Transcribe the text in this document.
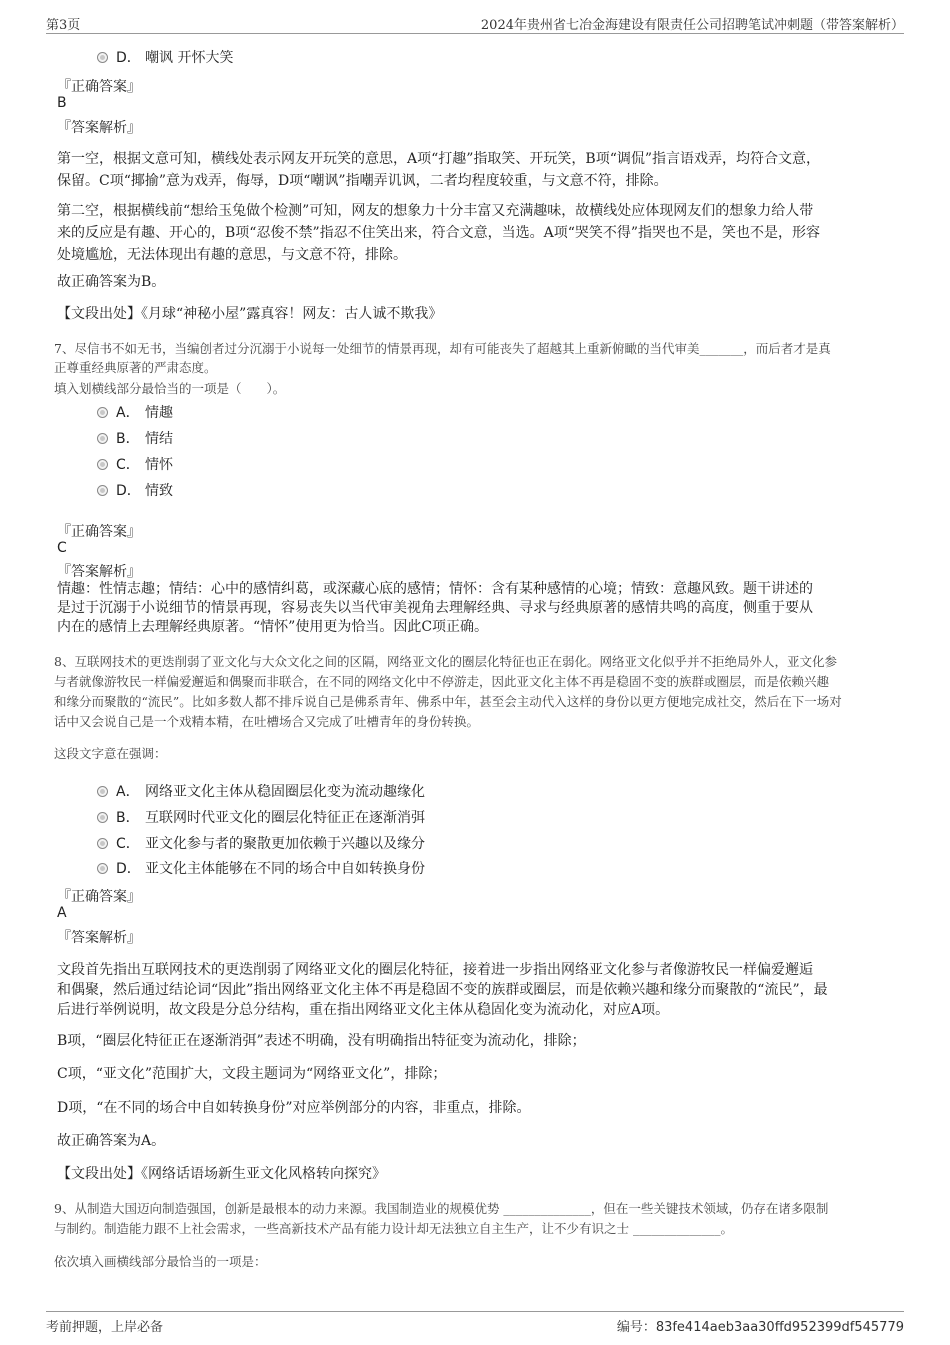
第3页	2024年贵州省七冶金海建设有限责任公司招聘笔试冲刺题（带答案解析）
D． 嘲讽 开怀大笑
『正确答案』
B
『答案解析』
第一空，根据文意可知，横线处表示网友开玩笑的意思，A项“打趣”指取笑、开玩笑，B项“调侃”指言语戏弄，均符合文意，
保留。C项“揶揄”意为戏弄，侮辱，D项“嘲讽”指嘲弄讥讽，二者均程度较重，与文意不符，排除。
第二空，根据横线前“想给玉兔做个检测”可知，网友的想象力十分丰富又充满趣味，故横线处应体现网友们的想象力给人带
来的反应是有趣、开心的，B项“忍俊不禁”指忍不住笑出来，符合文意，当选。A项“哭笑不得”指哭也不是，笑也不是，形容
处境尴尬，无法体现出有趣的意思，与文意不符，排除。
故正确答案为B。
【文段出处】《月球“神秘小屋”露真容！网友：古人诚不欺我》
7、尽信书不如无书，当编创者过分沉溺于小说每一处细节的情景再现，却有可能丧失了超越其上重新俯瞰的当代审美_______，而后者才是真
正尊重经典原著的严肃态度。
填入划横线部分最恰当的一项是（　　）。
A． 情趣
B． 情结
C． 情怀
D． 情致
『正确答案』
C
『答案解析』
情趣：性情志趣；情结：心中的感情纠葛，或深藏心底的感情；情怀：含有某种感情的心境；情致：意趣风致。题干讲述的
是过于沉溺于小说细节的情景再现，容易丧失以当代审美视角去理解经典、寻求与经典原著的感情共鸣的高度，侧重于要从
内在的感情上去理解经典原著。“情怀”使用更为恰当。因此C项正确。
8、互联网技术的更迭削弱了亚文化与大众文化之间的区隔，网络亚文化的圈层化特征也正在弱化。网络亚文化似乎并不拒绝局外人，亚文化参
与者就像游牧民一样偏爱邂逅和偶聚而非联合，在不同的网络文化中不停游走，因此亚文化主体不再是稳固不变的族群或圈层，而是依赖兴趣
和缘分而聚散的“流民”。比如多数人都不排斥说自己是佛系青年、佛系中年，甚至会主动代入这样的身份以更方便地完成社交，然后在下一场对
话中又会说自己是一个戏精本精，在吐槽场合又完成了吐槽青年的身份转换。
这段文字意在强调：
A． 网络亚文化主体从稳固圈层化变为流动趣缘化
B． 互联网时代亚文化的圈层化特征正在逐渐消弭
C． 亚文化参与者的聚散更加依赖于兴趣以及缘分
D． 亚文化主体能够在不同的场合中自如转换身份
『正确答案』
A
『答案解析』
文段首先指出互联网技术的更迭削弱了网络亚文化的圈层化特征，接着进一步指出网络亚文化参与者像游牧民一样偏爱邂逅
和偶聚，然后通过结论词“因此”指出网络亚文化主体不再是稳固不变的族群或圈层，而是依赖兴趣和缘分而聚散的“流民”，最
后进行举例说明，故文段是分总分结构，重在指出网络亚文化主体从稳固化变为流动化，对应A项。
B项，“圈层化特征正在逐渐消弭”表述不明确，没有明确指出特征变为流动化，排除；
C项，“亚文化”范围扩大，文段主题词为“网络亚文化”，排除；
D项，“在不同的场合中自如转换身份”对应举例部分的内容，非重点，排除。
故正确答案为A。
【文段出处】《网络话语场新生亚文化风格转向探究》
9、从制造大国迈向制造强国，创新是最根本的动力来源。我国制造业的规模优势 ______________，但在一些关键技术领域，仍存在诸多限制
与制约。制造能力跟不上社会需求，一些高新技术产品有能力设计却无法独立自主生产，让不少有识之士 ______________。
依次填入画横线部分最恰当的一项是：
考前押题，上岸必备	编号：83fe414aeb3aa30ffd952399df545779
